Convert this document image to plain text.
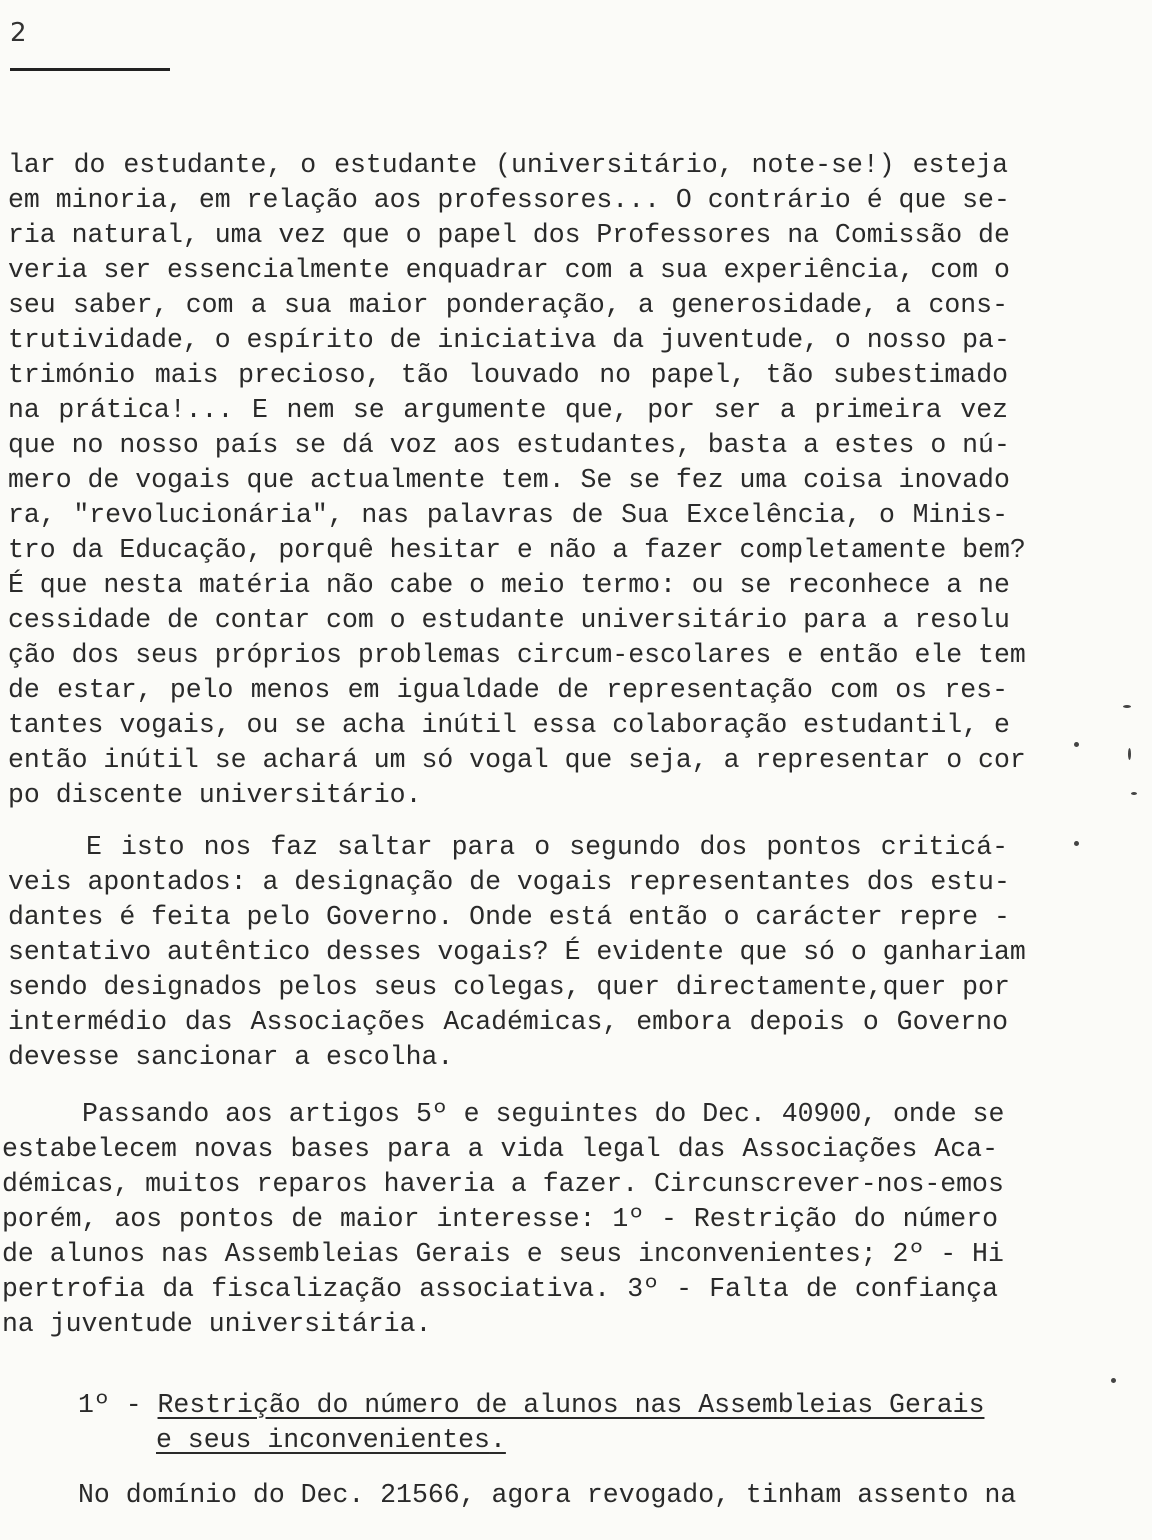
2
lar do estudante, o estudante (universitário, note-se!) esteja
em minoria, em relação aos professores... O contrário é que se-
ria natural, uma vez que o papel dos Professores na Comissão de
veria ser essencialmente enquadrar com a sua experiência, com o
seu saber, com a sua maior ponderação, a generosidade, a cons-
trutividade, o espírito de iniciativa da juventude, o nosso pa-
trimónio mais precioso, tão louvado no papel, tão subestimado
na prática!... E nem se argumente que, por ser a primeira vez
que no nosso país se dá voz aos estudantes, basta a estes o nú-
mero de vogais que actualmente tem. Se se fez uma coisa inovado
ra, "revolucionária", nas palavras de Sua Excelência, o Minis-
tro da Educação, porquê hesitar e não a fazer completamente bem?
É que nesta matéria não cabe o meio termo: ou se reconhece a ne
cessidade de contar com o estudante universitário para a resolu
ção dos seus próprios problemas circum-escolares e então ele tem
de estar, pelo menos em igualdade de representação com os res-
tantes vogais, ou se acha inútil essa colaboração estudantil, e
então inútil se achará um só vogal que seja, a representar o cor
po discente universitário.
E isto nos faz saltar para o segundo dos pontos criticá-
veis apontados: a designação de vogais representantes dos estu-
dantes é feita pelo Governo. Onde está então o carácter repre -
sentativo autêntico desses vogais? É evidente que só o ganhariam
sendo designados pelos seus colegas, quer directamente,quer por
intermédio das Associações Académicas, embora depois o Governo
devesse sancionar a escolha.
Passando aos artigos 5º e seguintes do Dec. 40900, onde se
estabelecem novas bases para a vida legal das Associações Aca-
démicas, muitos reparos haveria a fazer. Circunscrever-nos-emos
porém, aos pontos de maior interesse: 1º - Restrição do número
de alunos nas Assembleias Gerais e seus inconvenientes; 2º - Hi
pertrofia da fiscalização associativa. 3º - Falta de confiança
na juventude universitária.
1º - Restrição do número de alunos nas Assembleias Gerais
e seus inconvenientes.
No domínio do Dec. 21566, agora revogado, tinham assento na
